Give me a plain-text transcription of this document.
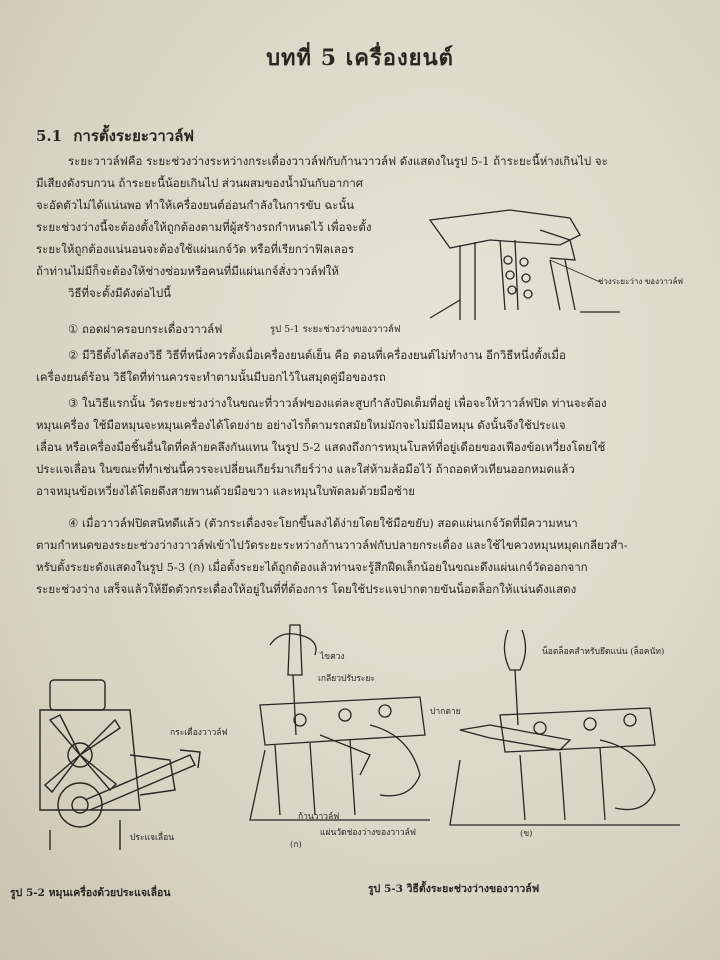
บทที่ 5 เครื่องยนต์
5.1 การตั้งระยะวาวล์ฟ
ระยะวาวล์ฟคือ ระยะช่วงว่างระหว่างกระเดื่องวาวล์ฟกับก้านวาวล์ฟ ดังแสดงในรูป 5-1 ถ้าระยะนี้ห่างเกินไป จะ
มีเสียงดังรบกวน ถ้าระยะนี้น้อยเกินไป ส่วนผสมของน้ำมันกับอากาศ
จะอัดตัวไม่ได้แน่นพอ ทำให้เครื่องยนต์อ่อนกำลังในการขับ ฉะนั้น
ระยะช่วงว่างนี้จะต้องตั้งให้ถูกต้องตามที่ผู้สร้างรถกำหนดไว้ เพื่อจะตั้ง
ระยะให้ถูกต้องแน่นอนจะต้องใช้แผ่นเกจ์วัด หรือที่เรียกว่าฟิลเลอร
ถ้าท่านไม่มีก็จะต้องให้ช่างซ่อมหรือคนที่มีแผ่นเกจ์สั่งวาวล์ฟให้
วิธีที่จะตั้งมีดังต่อไปนี้
ช่วงระยะว่าง ของวาวล์ฟ
① ถอดฝาครอบกระเดื่องวาวล์ฟ	รูป 5-1 ระยะช่วงว่างของวาวล์ฟ
② มีวิธีตั้งได้สองวิธี วิธีที่หนึ่งควรตั้งเมื่อเครื่องยนต์เย็น คือ ตอนที่เครื่องยนต์ไม่ทำงาน อีกวิธีหนึ่งตั้งเมื่อ
เครื่องยนต์ร้อน วิธีใดที่ท่านควรจะทำตามนั้นมีบอกไว้ในสมุดคู่มือของรถ
③ ในวิธีแรกนั้น วัดระยะช่วงว่างในขณะที่วาวล์ฟของแต่ละสูบกำลังปิดเต็มที่อยู่ เพื่อจะให้วาวล์ฟปิด ท่านจะต้อง
หมุนเครื่อง ใช้มือหมุนจะหมุนเครื่องได้โดยง่าย อย่างไรก็ตามรถสมัยใหม่มักจะไม่มีมือหมุน ดังนั้นจึงใช้ประแจ
เลื่อน หรือเครื่องมือชิ้นอื่นใดที่คล้ายคลึงกันแทน ในรูป 5-2 แสดงถึงการหมุนโบลท์ที่อยู่เดือยของเฟืองข้อเหวี่ยงโดยใช้
ประแจเลื่อน ในขณะที่ทำเช่นนี้ควรจะเปลี่ยนเกียร์มาเกียร์ว่าง และใส่ห้ามล้อมือไว้ ถ้าถอดหัวเทียนออกหมดแล้ว
อาจหมุนข้อเหวี่ยงได้โดยดึงสายพานด้วยมือขวา และหมุนใบพัดลมด้วยมือซ้าย
④ เมื่อวาวล์ฟปิดสนิทดีแล้ว (ตัวกระเดื่องจะโยกขึ้นลงได้ง่ายโดยใช้มือขยับ) สอดแผ่นเกจ์วัดที่มีความหนา
ตามกำหนดของระยะช่วงว่างวาวล์ฟเข้าไปวัดระยะระหว่างก้านวาวล์ฟกับปลายกระเดื่อง และใช้ไขควงหมุนหมุดเกลียวสำ-
หรับตั้งระยะดังแสดงในรูป 5-3 (ก) เมื่อตั้งระยะได้ถูกต้องแล้วท่านจะรู้สึกฝืดเล็กน้อยในขณะดึงแผ่นเกจ์วัดออกจาก
ระยะช่วงว่าง เสร็จแล้วให้ยึดตัวกระเดื่องให้อยู่ในที่ที่ต้องการ โดยใช้ประแจปากตายขันน็อตล็อกให้แน่นดังแสดง
ประแจเลื่อน
รูป 5-2 หมุนเครื่องด้วยประแจเลื่อน
ไขควง
เกลียวปรับระยะ
กระเดื่องวาวล์ฟ
ก้านวาวล์ฟ
แผ่นวัดช่องว่างของวาวล์ฟ
(ก)
น็อตล็อคสำหรับยึดแน่น (ล็อคนัท)
ปากตาย
(ข)
รูป 5-3 วิธีตั้งระยะช่วงว่างของวาวล์ฟ
